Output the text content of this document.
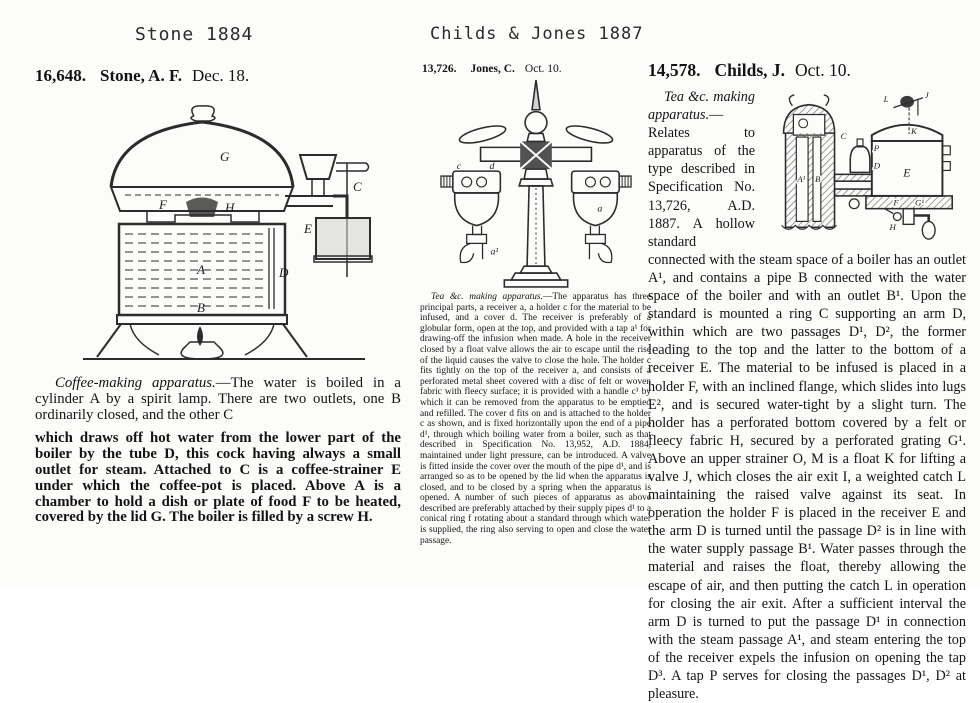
Stone 1884
16,648. Stone, A. F. Dec. 18.
G
F	H
A	D
B
E
C

Coffee-making apparatus.—The water is boiled in a cylinder A by a spirit lamp. There are two outlets, one B ordinarily closed, and the other C

which draws off hot water from the lower part of the boiler by the tube D, this cock having always a small outlet for steam. Attached to C is a coffee-strainer E under which the coffee-pot is placed. Above A is a chamber to hold a dish or plate of food F to be heated, covered by the lid G. The boiler is filled by a screw H.

Childs & Jones 1887
13,726. Jones, C. Oct. 10.
c	d
a
a¹

Tea &c. making apparatus.—The apparatus has three principal parts, a receiver a, a holder c for the material to be infused, and a cover d. The receiver is preferably of a globular form, open at the top, and provided with a tap a¹ for drawing-off the infusion when made. A hole in the receiver closed by a float valve allows the air to escape until the rise of the liquid causes the valve to close the hole. The holder c fits tightly on the top of the receiver a, and consists of a perforated metal sheet covered with a disc of felt or woven fabric with fleecy surface; it is provided with a handle c¹ by which it can be removed from the apparatus to be emptied and refilled. The cover d fits on and is attached to the holder c as shown, and is fixed horizontally upon the end of a pipe d¹, through which boiling water from a boiler, such as that described in Specification No. 13,952, A.D. 1884, maintained under light pressure, can be introduced. A valve is fitted inside the cover over the mouth of the pipe d¹, and is arranged so as to be opened by the lid when the apparatus is closed, and to be closed by a spring when the apparatus is opened. A number of such pieces of apparatus as above described are preferably attached by their supply pipes d¹ to a conical ring f rotating about a standard through which water is supplied, the ring also serving to open and close the water passage.

14,578. Childs, J. Oct. 10.
C
P
D
K
E
F G¹
H
L	J
A¹ B

Tea &c. making apparatus.—Relates to apparatus of the type described in Specification No. 13,726, A.D. 1887. A hollow standard connected with the steam space of a boiler has an outlet A¹, and contains a pipe B connected with the water space of the boiler and with an outlet B¹. Upon the standard is mounted a ring C supporting an arm D, within which are two passages D¹, D², the former leading to the top and the latter to the bottom of a receiver E. The material to be infused is placed in a holder F, with an inclined flange, which slides into lugs E², and is secured water-tight by a slight turn. The holder has a perforated bottom covered by a felt or fleecy fabric H, secured by a perforated grating G¹. Above an upper strainer O, M is a float K for lifting a valve J, which closes the air exit I, a weighted catch L maintaining the raised valve against its seat. In operation the holder F is placed in the receiver E and the arm D is turned until the passage D² is in line with the water supply passage B¹. Water passes through the material and raises the float, thereby allowing the escape of air, and then putting the catch L in operation for closing the air exit. After a sufficient interval the arm D is turned to put the passage D¹ in connection with the steam passage A¹, and steam entering the top of the receiver expels the infusion on opening the tap D³. A tap P serves for closing the passages D¹, D² at pleasure.
